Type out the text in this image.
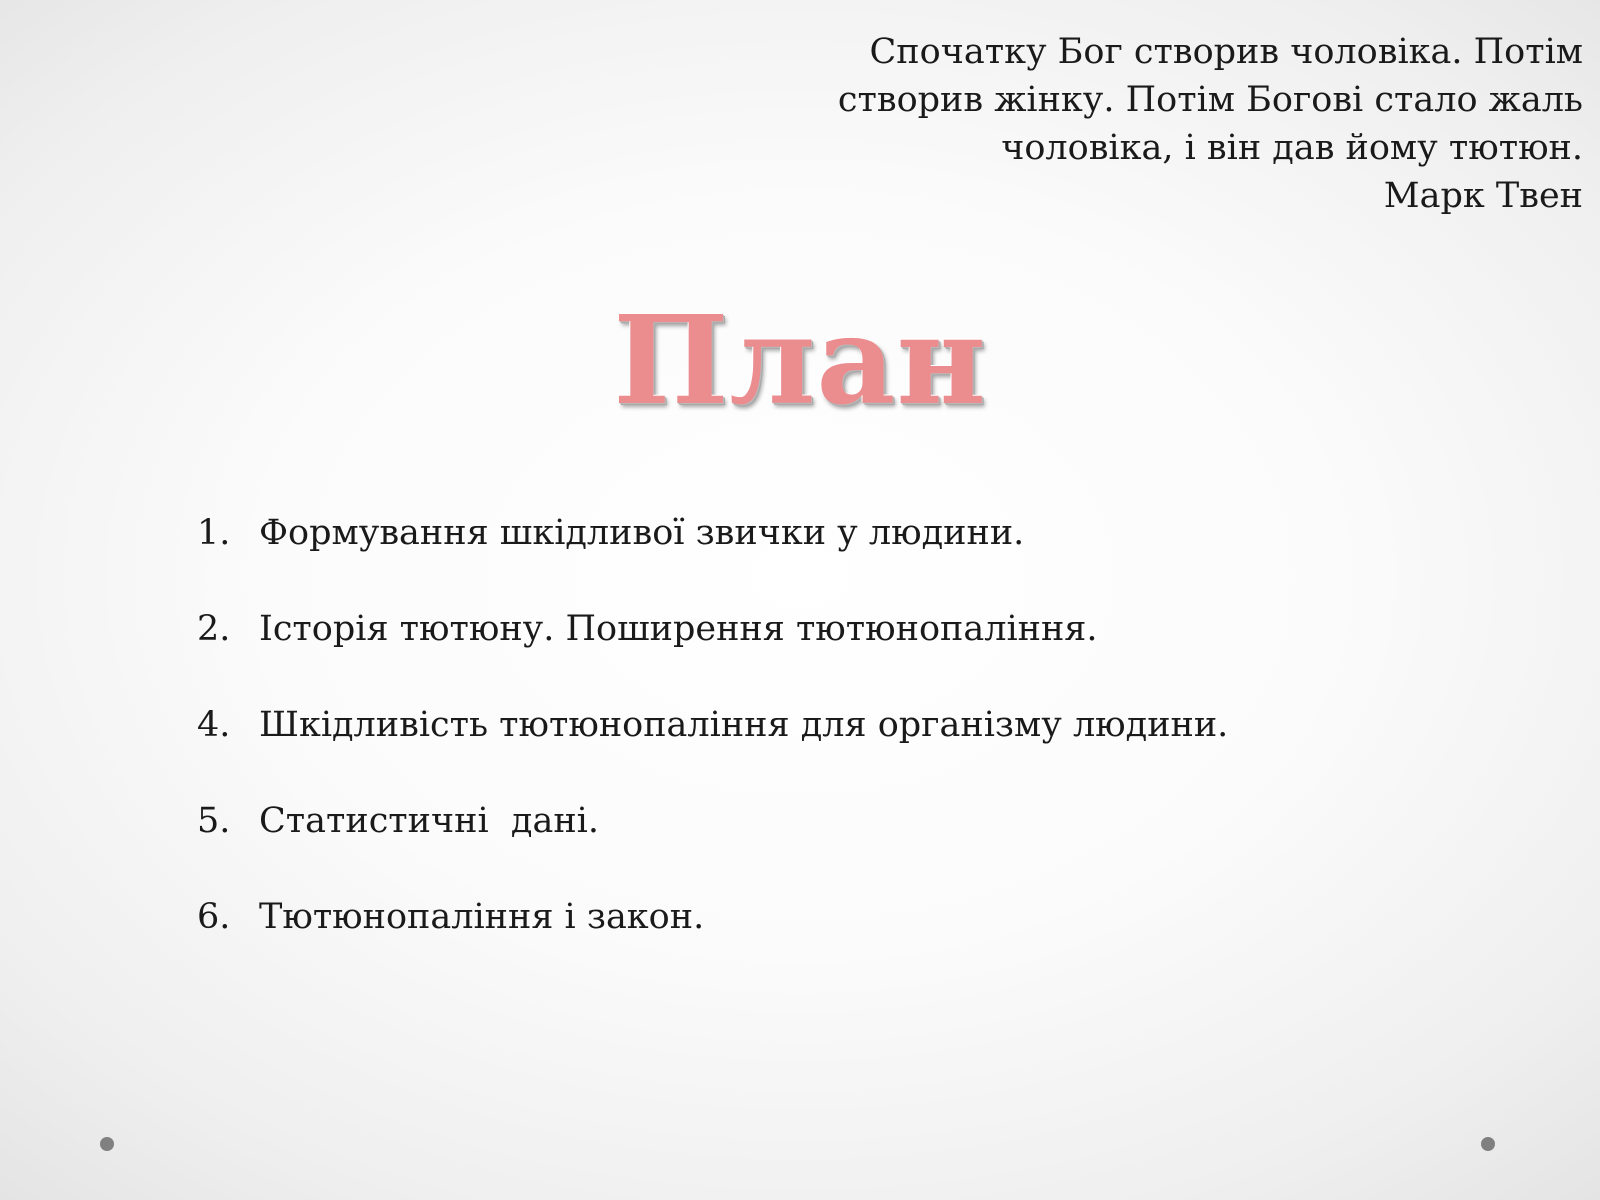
Спочатку Бог створив чоловіка. Потім
створив жінку. Потім Богові стало жаль
чоловіка, і він дав йому тютюн.
Марк Твен
План
1. Формування шкідливої звички у людини.
2. Історія тютюну. Поширення тютюнопаління.
4. Шкідливість тютюнопаління для організму людини.
5. Статистичні  дані.
6. Тютюнопаління і закон.
